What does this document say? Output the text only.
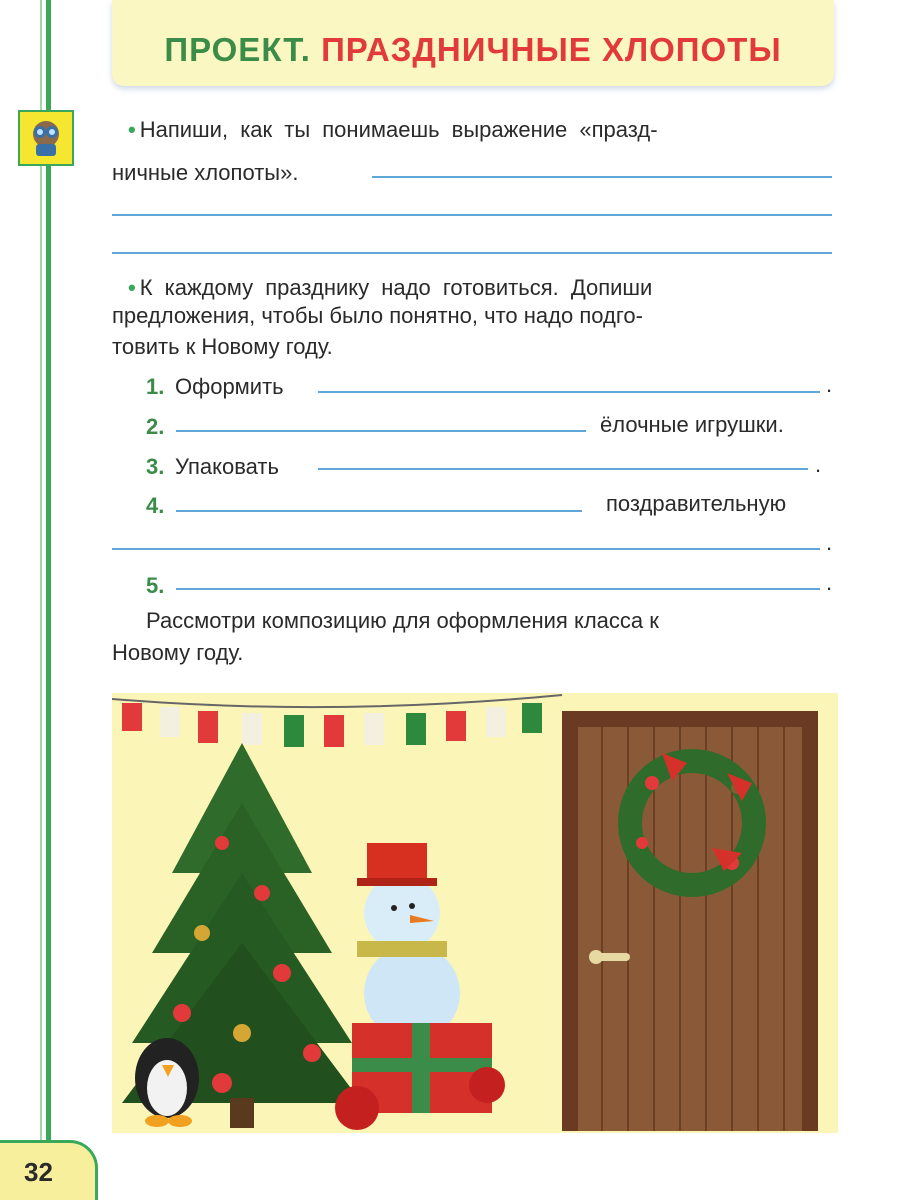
ПРОЕКТ. ПРАЗДНИЧНЫЕ ХЛОПОТЫ
• Напиши, как ты понимаешь выражение «празд-
ничные хлопоты».
• К каждому празднику надо готовиться. Допиши
предложения, чтобы было понятно, что надо подго-
товить к Новому году.
1. Оформить	.
2.	ёлочные игрушки.
3. Упаковать	.
4.	поздравительную
.
5.	.
Рассмотри композицию для оформления класса к
Новому году.
32
